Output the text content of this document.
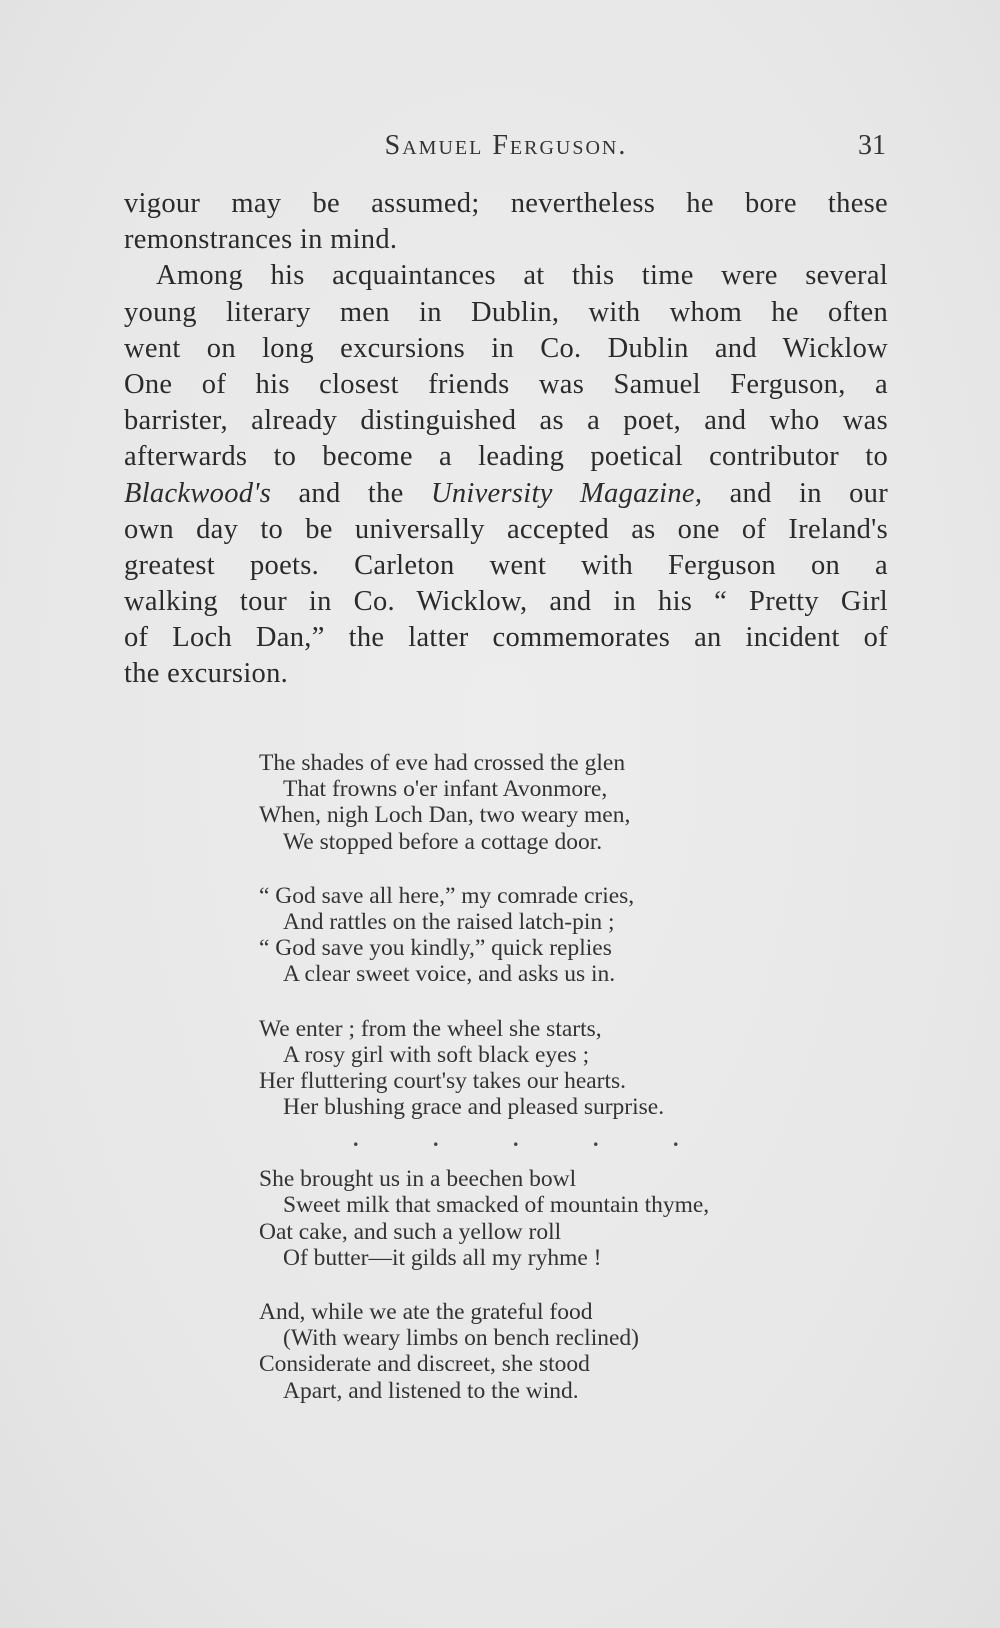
Samuel Ferguson.	31
vigour may be assumed; nevertheless he bore these
remonstrances in mind.
Among his acquaintances at this time were several
young literary men in Dublin, with whom he often
went on long excursions in Co. Dublin and Wicklow
One of his closest friends was Samuel Ferguson, a
barrister, already distinguished as a poet, and who was
afterwards to become a leading poetical contributor to
Blackwood's and the University Magazine, and in our
own day to be universally accepted as one of Ireland's
greatest poets. Carleton went with Ferguson on a
walking tour in Co. Wicklow, and in his “ Pretty Girl
of Loch Dan,” the latter commemorates an incident of
the excursion.
The shades of eve had crossed the glen
That frowns o'er infant Avonmore,
When, nigh Loch Dan, two weary men,
We stopped before a cottage door.
“ God save all here,” my comrade cries,
And rattles on the raised latch-pin ;
“ God save you kindly,” quick replies
A clear sweet voice, and asks us in.
We enter ; from the wheel she starts,
A rosy girl with soft black eyes ;
Her fluttering court'sy takes our hearts.
Her blushing grace and pleased surprise.
.	.	.	.	.
She brought us in a beechen bowl
Sweet milk that smacked of mountain thyme,
Oat cake, and such a yellow roll
Of butter—it gilds all my ryhme !
And, while we ate the grateful food
(With weary limbs on bench reclined)
Considerate and discreet, she stood
Apart, and listened to the wind.
